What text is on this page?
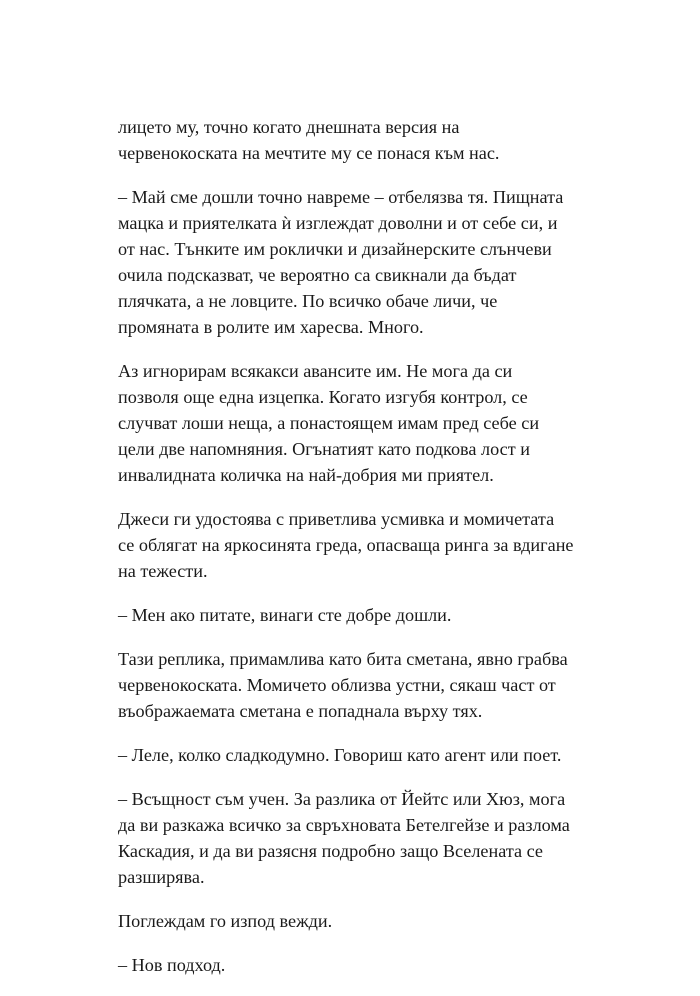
лицето му, точно когато днешната версия на
червенокоската на мечтите му се понася към нас.

– Май сме дошли точно навреме – отбелязва тя. Пищната
мацка и приятелката ѝ изглеждат доволни и от себе си, и
от нас. Тънките им роклички и дизайнерските слънчеви
очила подсказват, че вероятно са свикнали да бъдат
плячката, а не ловците. По всичко обаче личи, че
промяната в ролите им харесва. Много.

Аз игнорирам всякакси авансите им. Не мога да си
позволя още една изцепка. Когато изгубя контрол, се
случват лоши неща, а понастоящем имам пред себе си
цели две напомняния. Огънатият като подкова лост и
инвалидната количка на най-добрия ми приятел.

Джеси ги удостоява с приветлива усмивка и момичетата
се облягат на яркосинята греда, опасваща ринга за вдигане
на тежести.

– Мен ако питате, винаги сте добре дошли.

Тази реплика, примамлива като бита сметана, явно грабва
червенокоската. Момичето облизва устни, сякаш част от
въображаемата сметана е попаднала върху тях.

– Леле, колко сладкодумно. Говориш като агент или поет.

– Всъщност съм учен. За разлика от Йейтс или Хюз, мога
да ви разкажа всичко за свръхновата Бетелгейзе и разлома
Каскадия, и да ви разясня подробно защо Вселената се
разширява.

Поглеждам го изпод вежди.

– Нов подход.
